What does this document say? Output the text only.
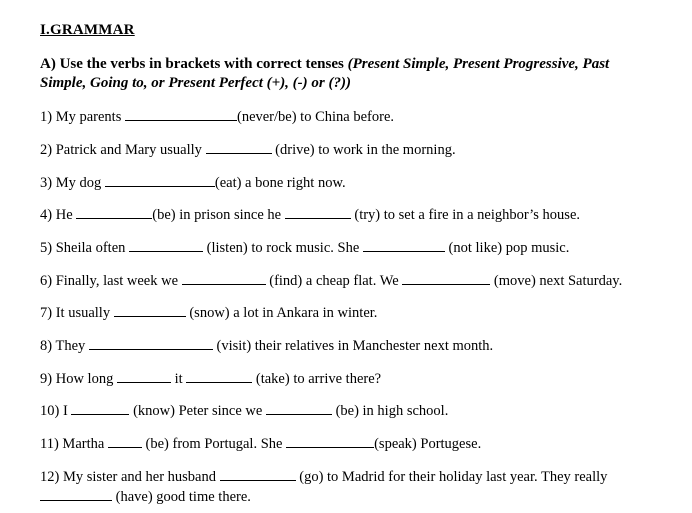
I.GRAMMAR
A) Use the verbs in brackets with correct tenses (Present Simple, Present Progressive, Past Simple, Going to, or Present Perfect (+), (-) or (?))
1) My parents	(never/be) to China before.
2) Patrick and Mary usually	(drive) to work in the morning.
3) My dog	(eat) a bone right now.
4) He	(be) in prison since he	(try) to set a fire in a neighbor’s house.
5) Sheila often	(listen) to rock music. She	(not like) pop music.
6) Finally, last week we	(find) a cheap flat. We	(move) next Saturday.
7) It usually	(snow) a lot in Ankara in winter.
8) They	(visit) their relatives in Manchester next month.
9) How long	it	(take) to arrive there?
10) I	(know) Peter since we	(be) in high school.
11) Martha  (be) from Portugal. She	(speak) Portugese.
12) My sister and her husband	(go) to Madrid for their holiday last year. They really  (have) good time there.
